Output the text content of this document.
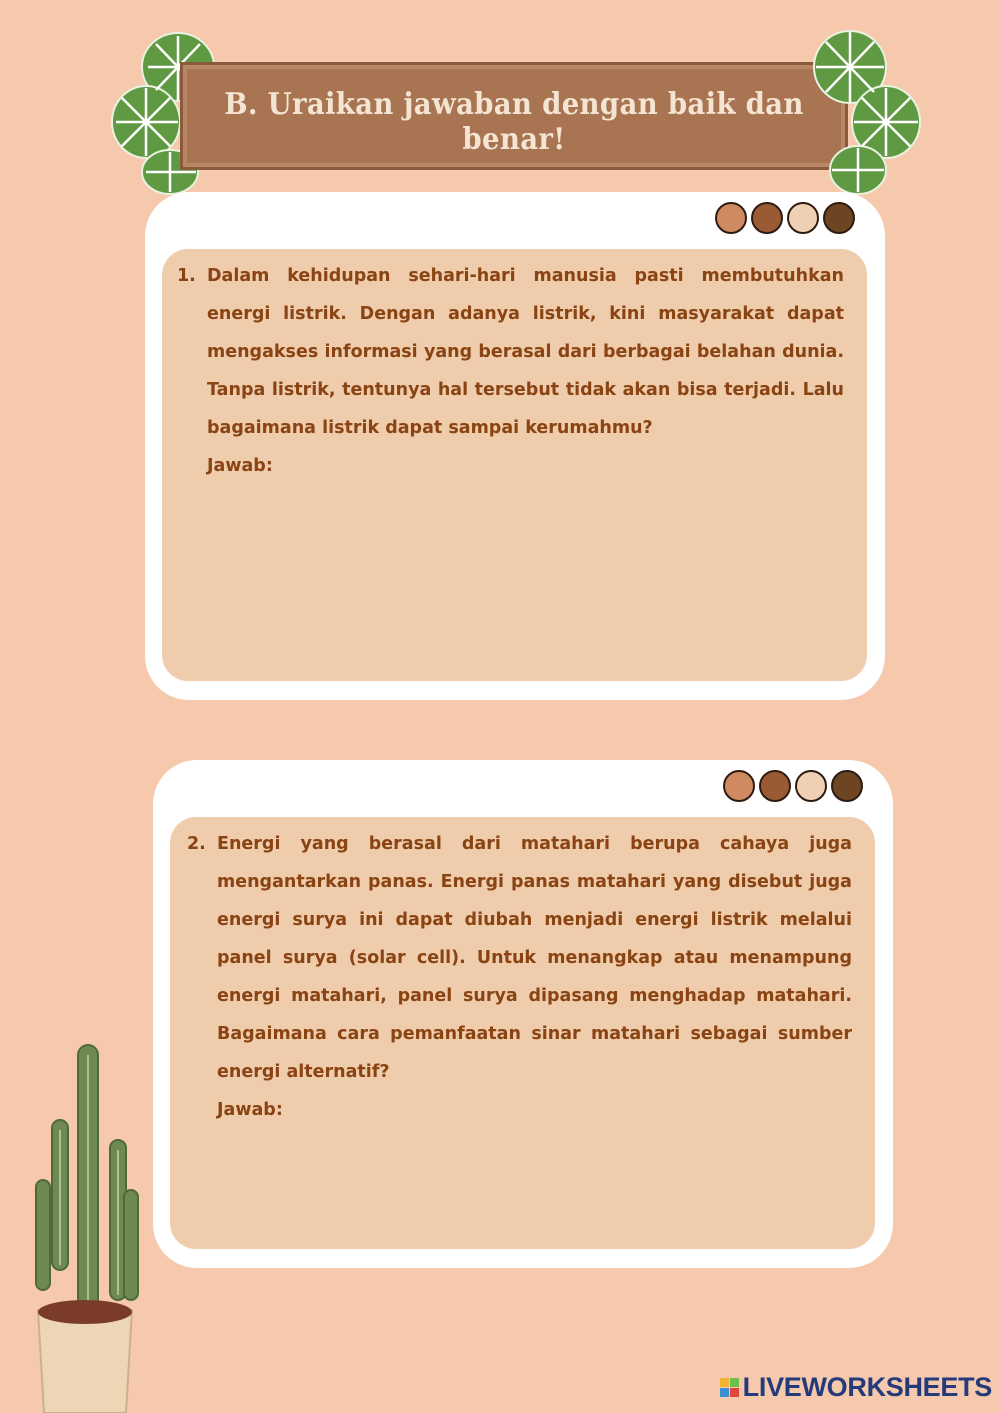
B. Uraikan jawaban dengan baik dan benar!
1. Dalam kehidupan sehari-hari manusia pasti membutuhkan energi listrik. Dengan adanya listrik, kini masyarakat dapat mengakses informasi yang berasal dari berbagai belahan dunia. Tanpa listrik, tentunya hal tersebut tidak akan bisa terjadi. Lalu bagaimana listrik dapat sampai kerumahmu?
Jawab:
2. Energi yang berasal dari matahari berupa cahaya juga mengantarkan panas. Energi panas matahari yang disebut juga energi surya ini dapat diubah menjadi energi listrik melalui panel surya (solar cell). Untuk menangkap atau menampung energi matahari, panel surya dipasang menghadap matahari. Bagaimana cara pemanfaatan sinar matahari sebagai sumber energi alternatif?
Jawab:
LIVEWORKSHEETS
